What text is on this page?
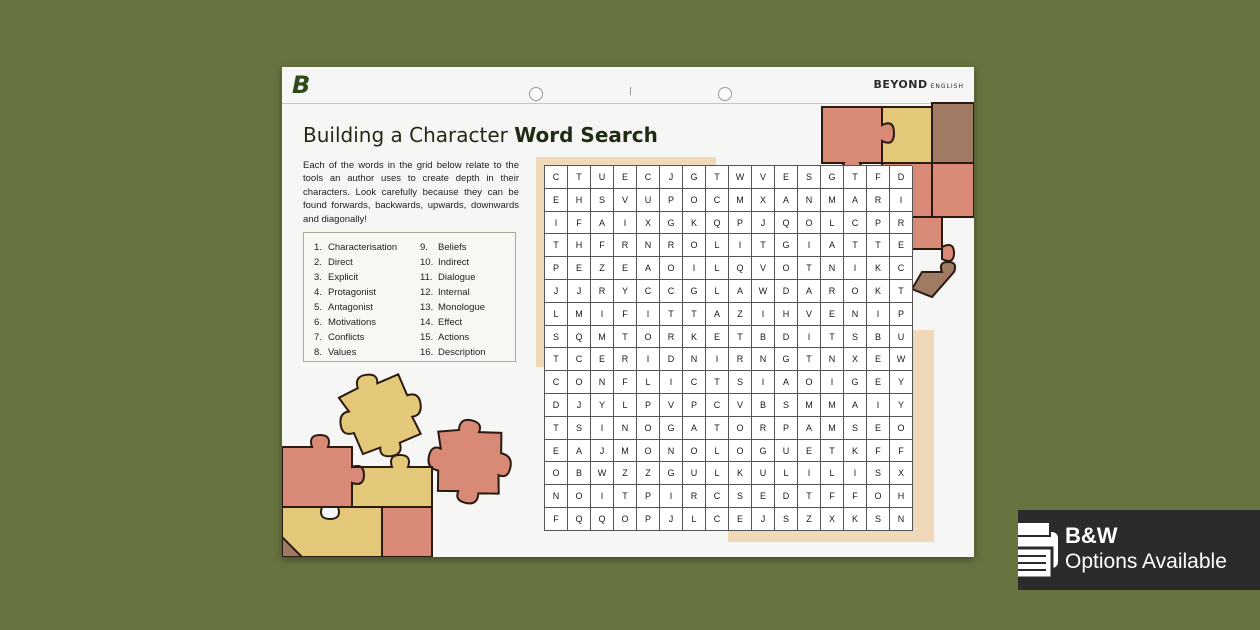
B	BEYOND ENGLISH
Building a Character Word Search
Each of the words in the grid below relate to the tools an author uses to create depth in their characters. Look carefully because they can be found forwards, backwards, upwards, downwards and diagonally!
1. Characterisation
2. Direct
3. Explicit
4. Protagonist
5. Antagonist
6. Motivations
7. Conflicts
8. Values
9. Beliefs
10. Indirect
11. Dialogue
12. Internal
13. Monologue
14. Effect
15. Actions
16. Description
C	T	U	E	C	J	G	T	W	V	E	S	G	T	F	D
E	H	S	V	U	P	O	C	M	X	A	N	M	A	R	I
I	F	A	I	X	G	K	Q	P	J	Q	O	L	C	P	R
T	H	F	R	N	R	O	L	I	T	G	I	A	T	T	E
P	E	Z	E	A	O	I	L	Q	V	O	T	N	I	K	C
J	J	R	Y	C	C	G	L	A	W	D	A	R	O	K	T
L	M	I	F	I	T	T	A	Z	I	H	V	E	N	I	P
S	Q	M	T	O	R	K	E	T	B	D	I	T	S	B	U
T	C	E	R	I	D	N	I	R	N	G	T	N	X	E	W
C	O	N	F	L	I	C	T	S	I	A	O	I	G	E	Y
D	J	Y	L	P	V	P	C	V	B	S	M	M	A	I	Y
T	S	I	N	O	G	A	T	O	R	P	A	M	S	E	O
E	A	J	M	O	N	O	L	O	G	U	E	T	K	F	F
O	B	W	Z	Z	G	U	L	K	U	L	I	L	I	S	X
N	O	I	T	P	I	R	C	S	E	D	T	F	F	O	H
F	Q	Q	O	P	J	L	C	E	J	S	Z	X	K	S	N
B&W
Options Available
